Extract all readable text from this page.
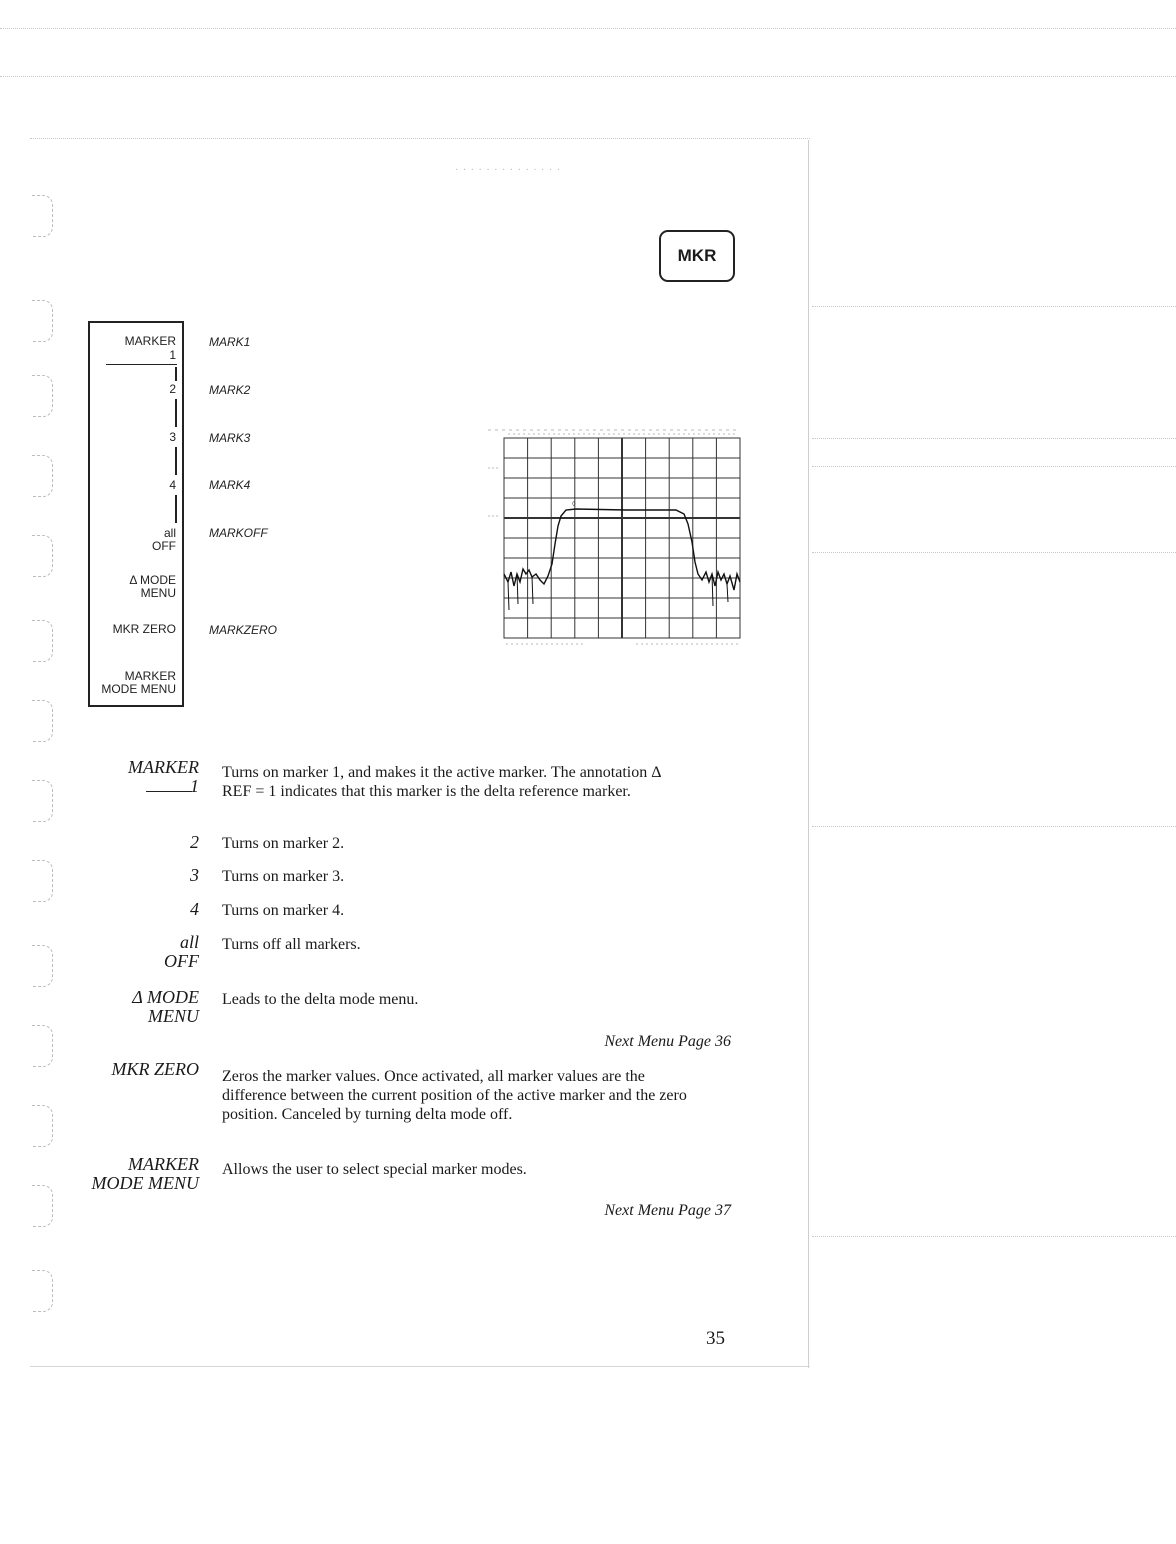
MKR
MARKER
1
2
3
4
all
OFF
Δ MODE
MENU
MKR ZERO
MARKER
MODE MENU
MARK1
MARK2
MARK3
MARK4
MARKOFF
MARKZERO
◊
· · · · · · · · · · · · · ·
MARKER
1
Turns on marker 1, and makes it the active marker. The annotation Δ REF = 1 indicates that this marker is the delta reference marker.
2 Turns on marker 2.
3 Turns on marker 3.
4 Turns on marker 4.
all
OFF
Turns off all markers.
Δ MODE
MENU
Leads to the delta mode menu.
Next Menu Page 36
MKR ZERO Zeros the marker values. Once activated, all marker values are the difference between the current position of the active marker and the zero position. Canceled by turning delta mode off.
MARKER
MODE MENU
Allows the user to select special marker modes.
Next Menu Page 37
35
